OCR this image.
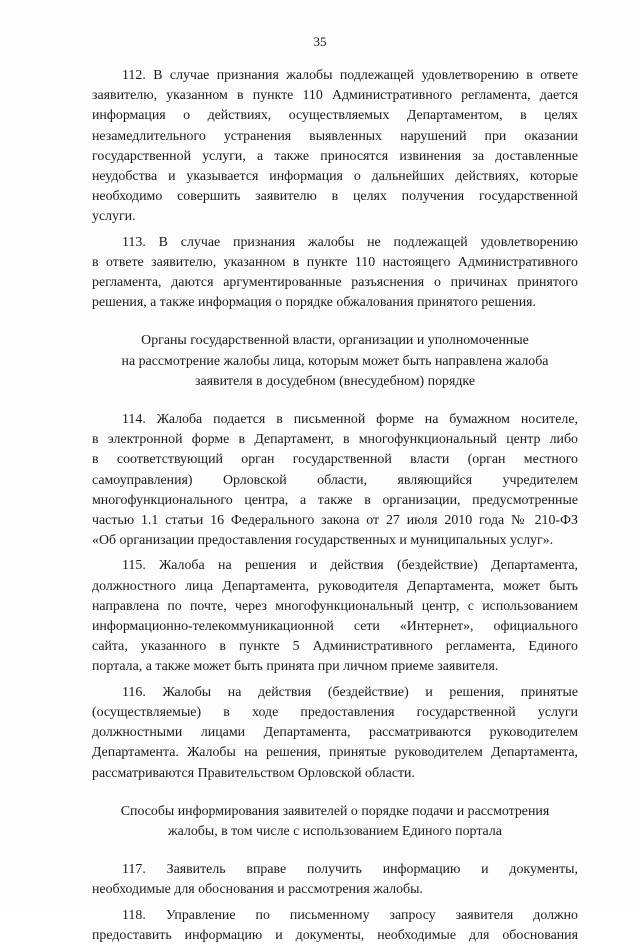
35
112. В случае признания жалобы подлежащей удовлетворению в ответе
заявителю, указанном в пункте 110 Административного регламента, дается
информация о действиях, осуществляемых Департаментом, в целях
незамедлительного устранения выявленных нарушений при оказании
государственной услуги, а также приносятся извинения за доставленные
неудобства и указывается информация о дальнейших действиях, которые
необходимо совершить заявителю в целях получения государственной
услуги.
113. В случае признания жалобы не подлежащей удовлетворению
в ответе заявителю, указанном в пункте 110 настоящего Административного
регламента, даются аргументированные разъяснения о причинах принятого
решения, а также информация о порядке обжалования принятого решения.
Органы государственной власти, организации и уполномоченные
на рассмотрение жалобы лица, которым может быть направлена жалоба
заявителя в досудебном (внесудебном) порядке
114. Жалоба подается в письменной форме на бумажном носителе,
в электронной форме в Департамент, в многофункциональный центр либо
в соответствующий орган государственной власти (орган местного
самоуправления) Орловской области, являющийся учредителем
многофункционального центра, а также в организации, предусмотренные
частью 1.1 статьи 16 Федерального закона от 27 июля 2010 года № 210-ФЗ
«Об организации предоставления государственных и муниципальных услуг».
115. Жалоба на решения и действия (бездействие) Департамента,
должностного лица Департамента, руководителя Департамента, может быть
направлена по почте, через многофункциональный центр, с использованием
информационно-телекоммуникационной сети «Интернет», официального
сайта, указанного в пункте 5 Административного регламента, Единого
портала, а также может быть принята при личном приеме заявителя.
116. Жалобы на действия (бездействие) и решения, принятые
(осуществляемые) в ходе предоставления государственной услуги
должностными лицами Департамента, рассматриваются руководителем
Департамента. Жалобы на решения, принятые руководителем Департамента,
рассматриваются Правительством Орловской области.
Способы информирования заявителей о порядке подачи и рассмотрения
жалобы, в том числе с использованием Единого портала
117. Заявитель вправе получить информацию и документы,
необходимые для обоснования и рассмотрения жалобы.
118. Управление по письменному запросу заявителя должно
предоставить информацию и документы, необходимые для обоснования
